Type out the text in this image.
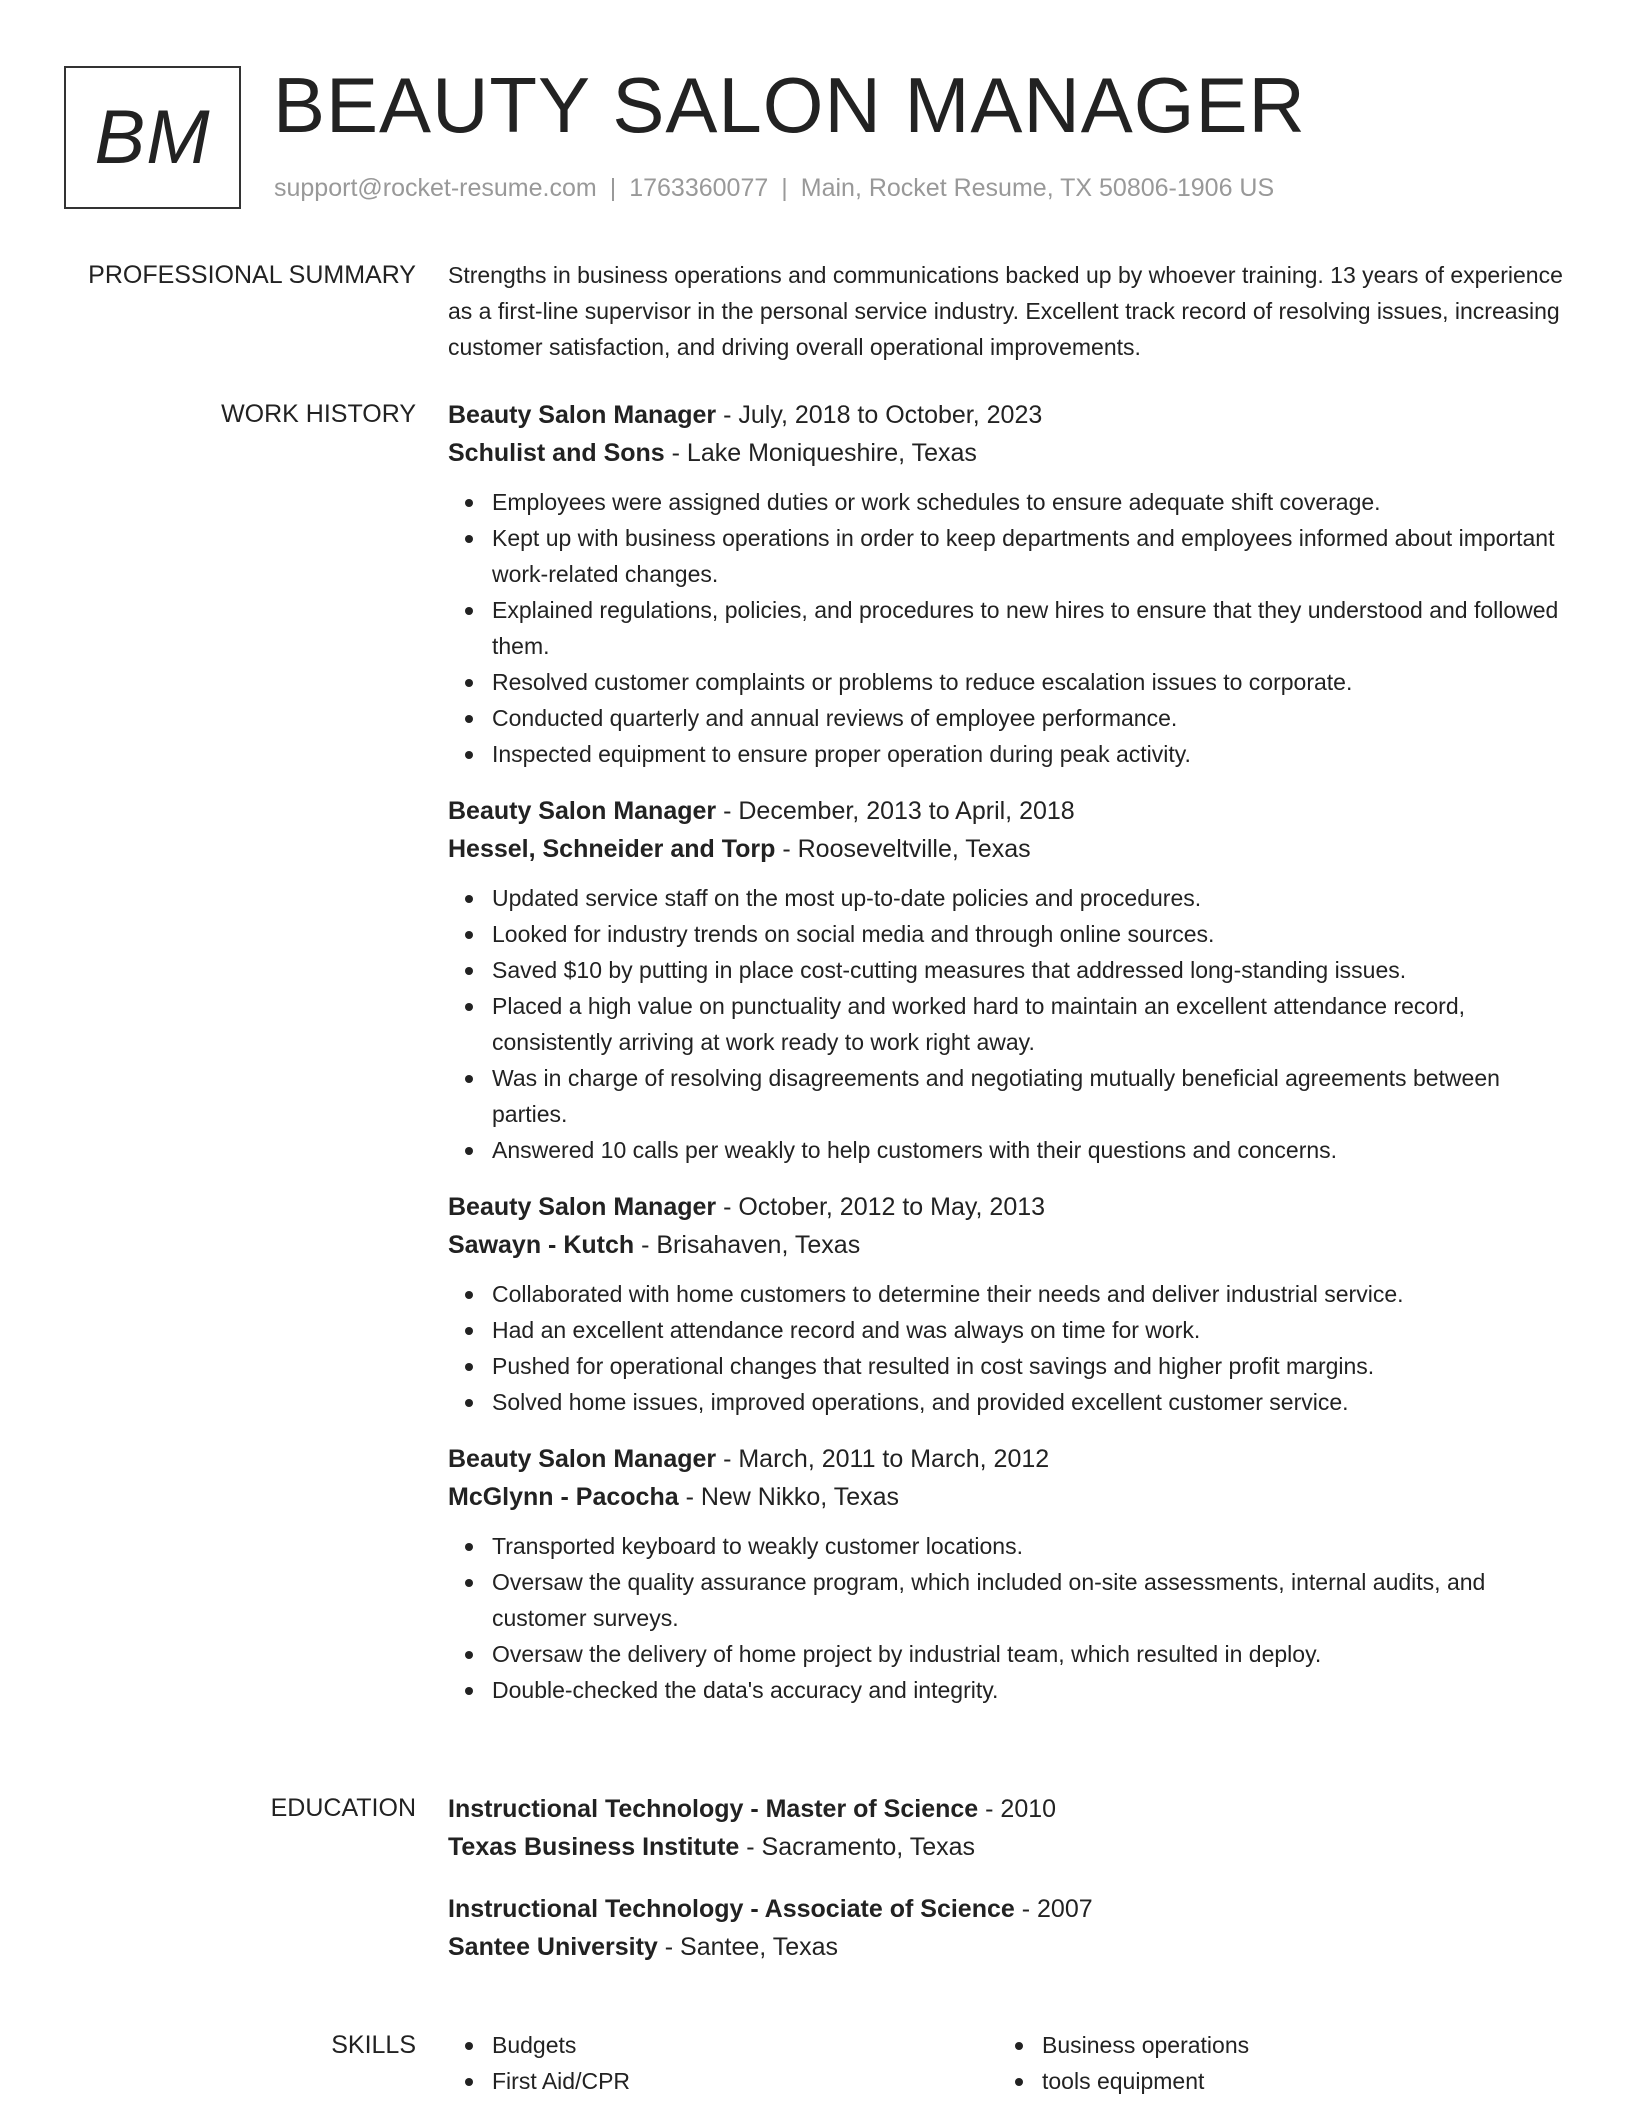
BM BEAUTY SALON MANAGER
support@rocket-resume.com | 1763360077 | Main, Rocket Resume, TX 50806-1906 US
PROFESSIONAL SUMMARY Strengths in business operations and communications backed up by whoever training. 13 years of experience as a first-line supervisor in the personal service industry. Excellent track record of resolving issues, increasing customer satisfaction, and driving overall operational improvements.
WORK HISTORY Beauty Salon Manager - July, 2018 to October, 2023
Schulist and Sons - Lake Moniqueshire, Texas
Employees were assigned duties or work schedules to ensure adequate shift coverage.
Kept up with business operations in order to keep departments and employees informed about important work-related changes.
Explained regulations, policies, and procedures to new hires to ensure that they understood and followed them.
Resolved customer complaints or problems to reduce escalation issues to corporate.
Conducted quarterly and annual reviews of employee performance.
Inspected equipment to ensure proper operation during peak activity.
Beauty Salon Manager - December, 2013 to April, 2018
Hessel, Schneider and Torp - Rooseveltville, Texas
Updated service staff on the most up-to-date policies and procedures.
Looked for industry trends on social media and through online sources.
Saved $10 by putting in place cost-cutting measures that addressed long-standing issues.
Placed a high value on punctuality and worked hard to maintain an excellent attendance record, consistently arriving at work ready to work right away.
Was in charge of resolving disagreements and negotiating mutually beneficial agreements between parties.
Answered 10 calls per weakly to help customers with their questions and concerns.
Beauty Salon Manager - October, 2012 to May, 2013
Sawayn - Kutch - Brisahaven, Texas
Collaborated with home customers to determine their needs and deliver industrial service.
Had an excellent attendance record and was always on time for work.
Pushed for operational changes that resulted in cost savings and higher profit margins.
Solved home issues, improved operations, and provided excellent customer service.
Beauty Salon Manager - March, 2011 to March, 2012
McGlynn - Pacocha - New Nikko, Texas
Transported keyboard to weakly customer locations.
Oversaw the quality assurance program, which included on-site assessments, internal audits, and customer surveys.
Oversaw the delivery of home project by industrial team, which resulted in deploy.
Double-checked the data's accuracy and integrity.
EDUCATION Instructional Technology - Master of Science - 2010
Texas Business Institute - Sacramento, Texas
Instructional Technology - Associate of Science - 2007
Santee University - Santee, Texas
SKILLS	Budgets
First Aid/CPR
Business operations
tools equipment
